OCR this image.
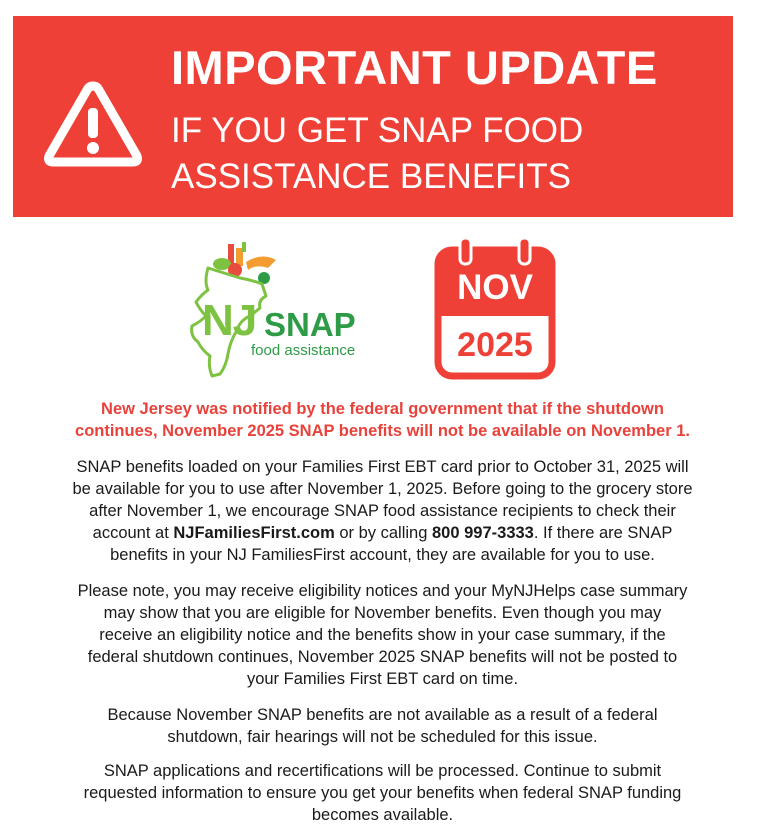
IMPORTANT UPDATE
IF YOU GET SNAP FOOD
ASSISTANCE BENEFITS
NJ SNAP
food assistance
NOV
2025
New Jersey was notified by the federal government that if the shutdown
continues, November 2025 SNAP benefits will not be available on November 1.
SNAP benefits loaded on your Families First EBT card prior to October 31, 2025 will
be available for you to use after November 1, 2025. Before going to the grocery store
after November 1, we encourage SNAP food assistance recipients to check their
account at NJFamiliesFirst.com or by calling 800 997-3333. If there are SNAP
benefits in your NJ FamiliesFirst account, they are available for you to use.
Please note, you may receive eligibility notices and your MyNJHelps case summary
may show that you are eligible for November benefits. Even though you may
receive an eligibility notice and the benefits show in your case summary, if the
federal shutdown continues, November 2025 SNAP benefits will not be posted to
your Families First EBT card on time.
Because November SNAP benefits are not available as a result of a federal
shutdown, fair hearings will not be scheduled for this issue.
SNAP applications and recertifications will be processed. Continue to submit
requested information to ensure you get your benefits when federal SNAP funding
becomes available.
